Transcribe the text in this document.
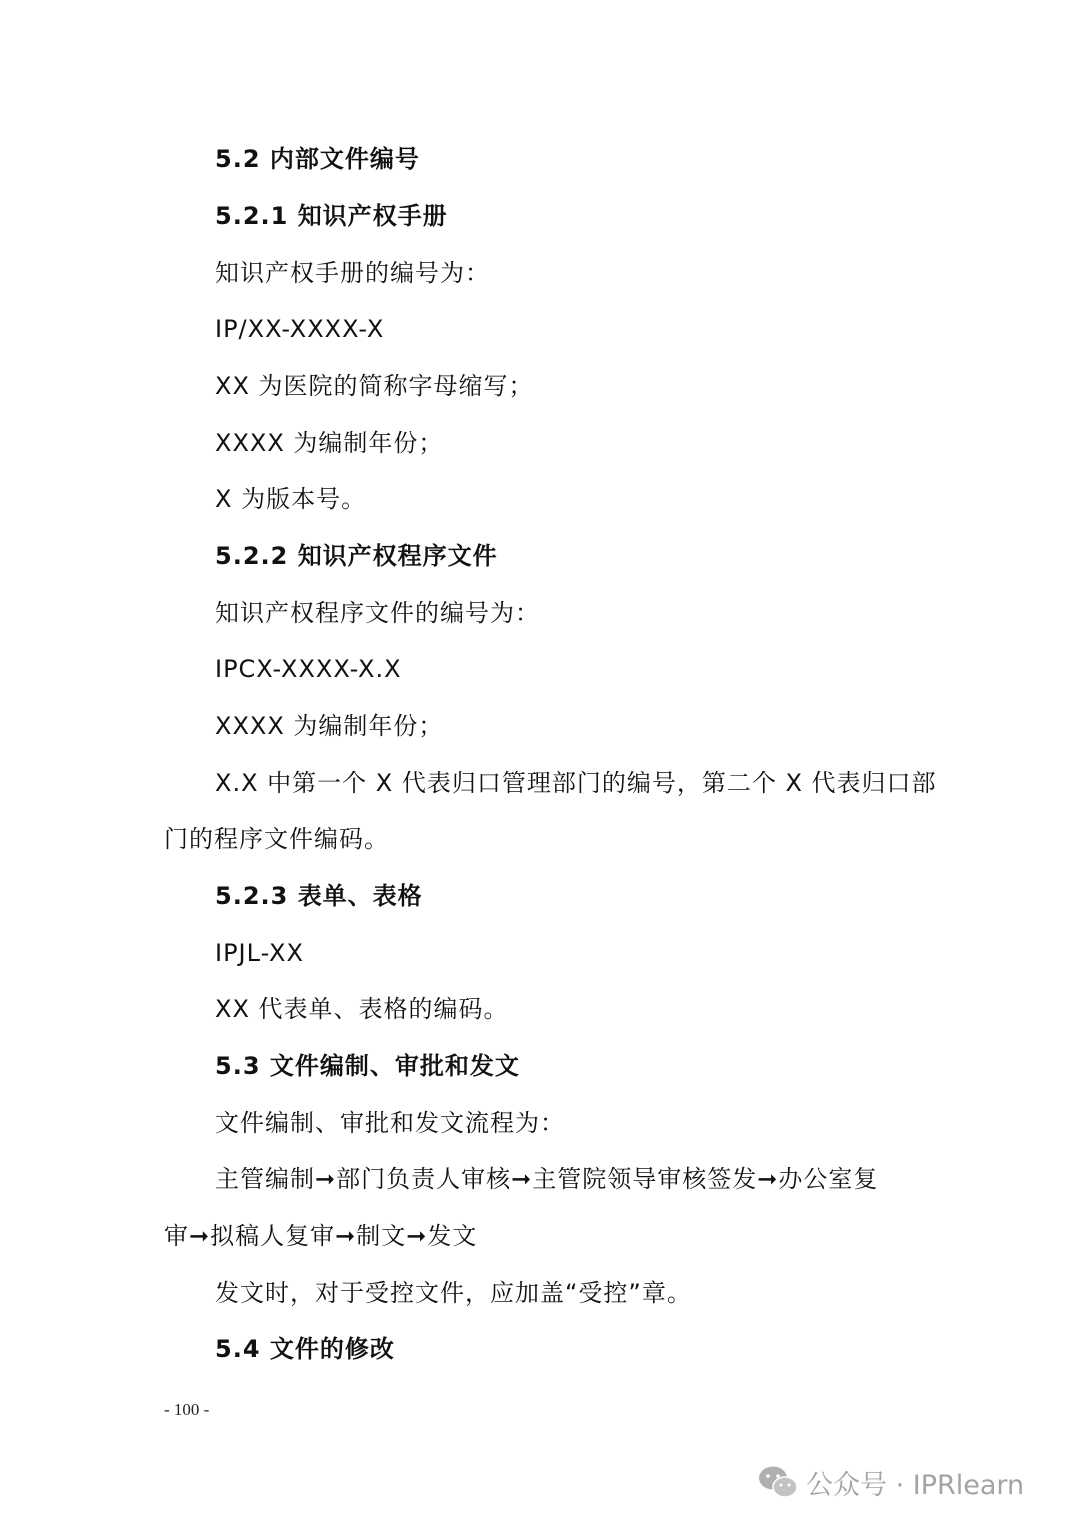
5.2 内部文件编号
5.2.1 知识产权手册
知识产权手册的编号为：
IP/XX-XXXX-X
XX 为医院的简称字母缩写；
XXXX 为编制年份；
X 为版本号。
5.2.2 知识产权程序文件
知识产权程序文件的编号为：
IPCX-XXXX-X.X
XXXX 为编制年份；
X.X 中第一个 X 代表归口管理部门的编号，第二个 X 代表归口部
门的程序文件编码。
5.2.3 表单、表格
IPJL-XX
XX 代表单、表格的编码。
5.3 文件编制、审批和发文
文件编制、审批和发文流程为：
主管编制➞部门负责人审核➞主管院领导审核签发➞办公室复
审➞拟稿人复审➞制文➞发文
发文时，对于受控文件，应加盖“受控”章。
5.4 文件的修改
- 100 -
公众号 · IPRlearn
